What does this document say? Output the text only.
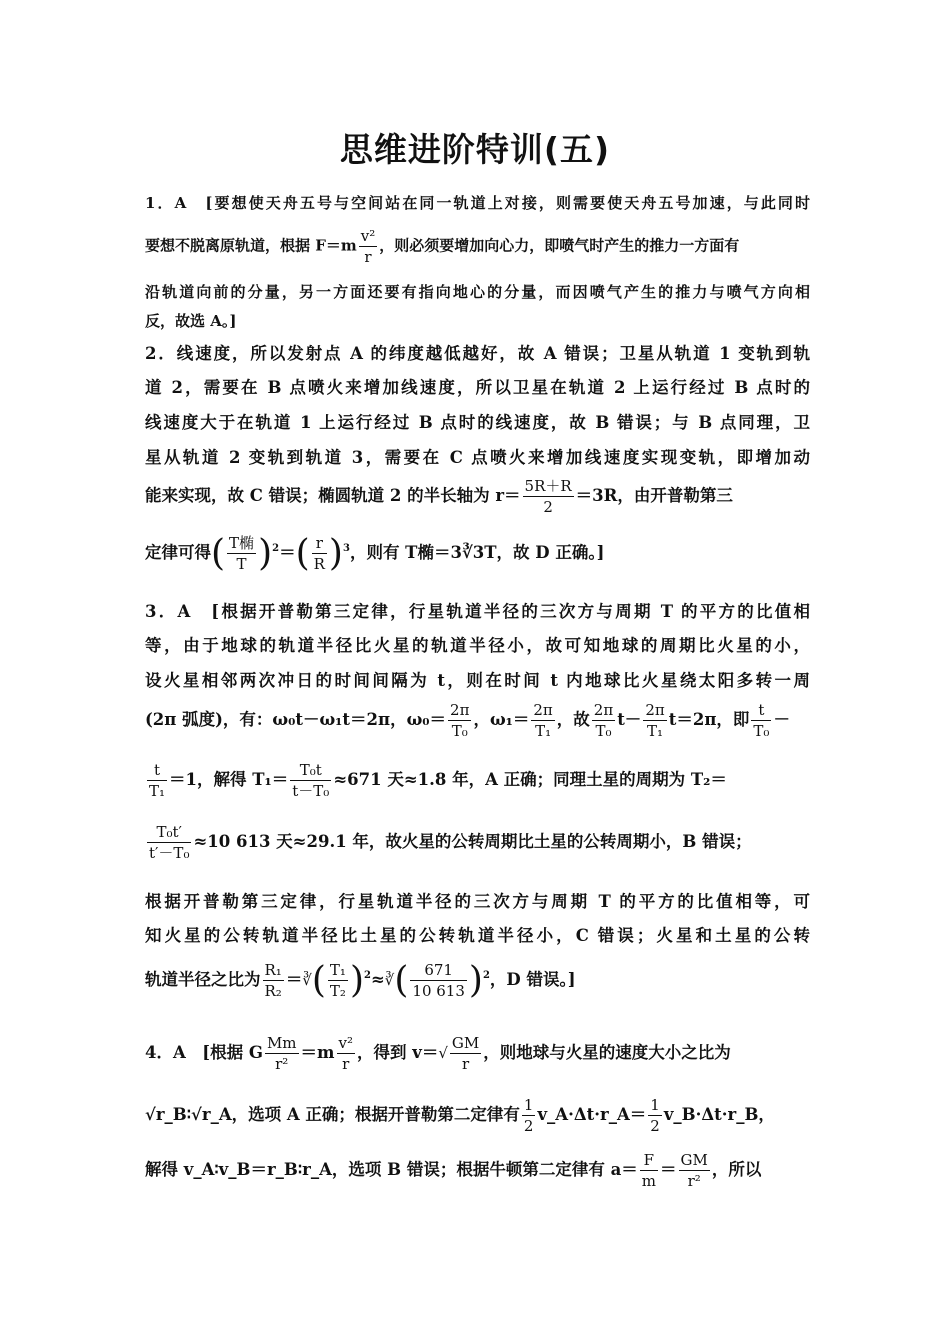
思维进阶特训(五)
1．A　[要想使天舟五号与空间站在同一轨道上对接，则需要使天舟五号加速，与此同时
要想不脱离原轨道，根据 $F=m \frac{\text{v²}}{r}$ ，则必须要增加向心力，即喷气时产生的推力一方面有
沿轨道向前的分量，另一方面还要有指向地心的分量，而因喷气产生的推力与喷气方向相
反，故选 A。]
2．线速度，所以发射点 A 的纬度越低越好，故 A 错误；卫星从轨道 1 变轨到轨
道 2，需要在 B 点喷火来增加线速度，所以卫星在轨道 2 上运行经过 B 点时的
线速度大于在轨道 1 上运行经过 B 点时的线速度，故 B 错误；与 B 点同理，卫
星从轨道 2 变轨到轨道 3，需要在 C 点喷火来增加线速度实现变轨，即增加动
能来实现，故 C 错误；椭圆轨道 2 的半长轴为 $r= \frac{5R+R}{2} =3R$，由开普勒第三
定律可得( T椭
T )$^2=( \frac{r}{R} )^3$，则有 T椭＝3∛3T，故 D 正确。]
3．A　[根据开普勒第三定律，行星轨道半径的三次方与周期 T 的平方的比值相
等，由于地球的轨道半径比火星的轨道半径小，故可知地球的周期比火星的小，
设火星相邻两次冲日的时间间隔为 t，则在时间 t 内地球比火星绕太阳多转一周
(2π 弧度)，有：ω₀t－ω₁t＝2π，$\omega_0= \frac{2\pi}{\text{T₀}}$ ，$\omega_1= \frac{2\pi}{\text{T₁}}$ ，故 $\frac{2\pi}{\text{T₀}} t- \frac{2\pi}{\text{T₁}} t=2\pi$，即 $\frac{t}{\text{T₀}}$ －
$\frac{t}{\text{T₁}} =1$，解得 $T_1= \frac{\text{T₀t}}{\text{t－T₀}} \approx 671$ 天≈1.8 年，A 正确；同理土星的周期为 T₂＝
$\frac{\text{T₀t′}}{\text{t′－T₀}} \approx 10$ 613 天≈29.1 年，故火星的公转周期比土星的公转周期小，B 错误；
根据开普勒第三定律，行星轨道半径的三次方与周期 T 的平方的比值相等，可
知火星的公转轨道半径比土星的公转轨道半径小，C 错误；火星和土星的公转
轨道半径之比为 $\frac{\text{R₁}}{\text{R₂}}$ ＝∛( $\frac{\text{T₁}}{\text{T₂}}$ )$^2$≈∛( $\frac{671}{10 613} )^2$，D 错误。]
4．A　[根据 G $\frac{Mm}{\text{r²}} =m \frac{\text{v²}}{r}$ ，得到 $v=√ \frac{GM}{r}$ ，则地球与火星的速度大小之比为
√r_B∶√r_A，选项 A 正确；根据开普勒第二定律有 $\frac{1}{2}$ v_A·Δt·r_A＝ $\frac{1}{2}$ v_B·Δt·r_B，
解得 v_A∶v_B＝r_B∶r_A，选项 B 错误；根据牛顿第二定律有 $a= \frac{F}{m} = \frac{GM}{\text{r²}}$ ，所以
